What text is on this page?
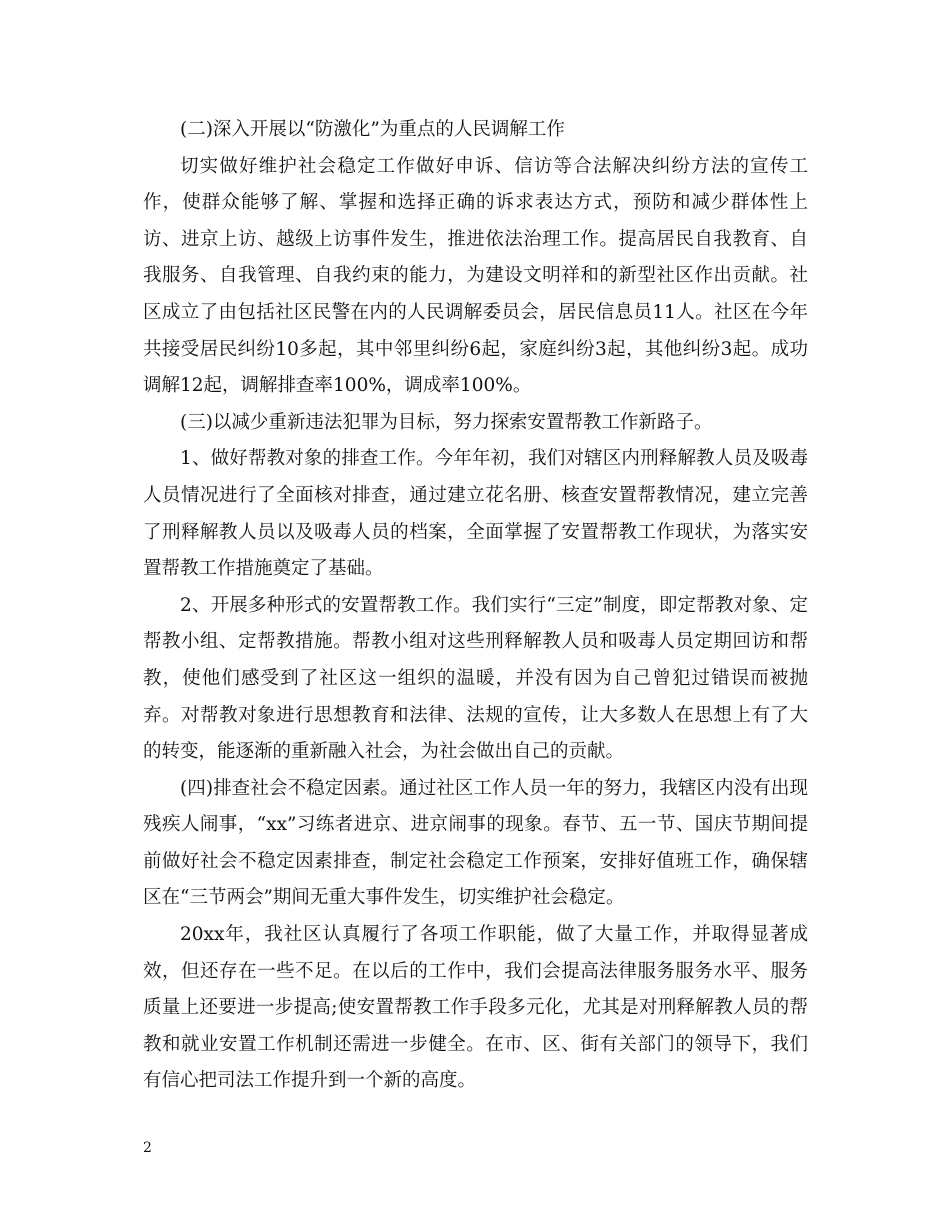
(二)深入开展以“防激化”为重点的人民调解工作

切实做好维护社会稳定工作做好申诉、信访等合法解决纠纷方法的宣传工作，使群众能够了解、掌握和选择正确的诉求表达方式，预防和减少群体性上访、进京上访、越级上访事件发生，推进依法治理工作。提高居民自我教育、自我服务、自我管理、自我约束的能力，为建设文明祥和的新型社区作出贡献。社区成立了由包括社区民警在内的人民调解委员会，居民信息员11人。社区在今年共接受居民纠纷10多起，其中邻里纠纷6起，家庭纠纷3起，其他纠纷3起。成功调解12起，调解排查率100%，调成率100%。

(三)以减少重新违法犯罪为目标，努力探索安置帮教工作新路子。

1、做好帮教对象的排查工作。今年年初，我们对辖区内刑释解教人员及吸毒人员情况进行了全面核对排查，通过建立花名册、核查安置帮教情况，建立完善了刑释解教人员以及吸毒人员的档案，全面掌握了安置帮教工作现状，为落实安置帮教工作措施奠定了基础。

2、开展多种形式的安置帮教工作。我们实行“三定”制度，即定帮教对象、定帮教小组、定帮教措施。帮教小组对这些刑释解教人员和吸毒人员定期回访和帮教，使他们感受到了社区这一组织的温暖，并没有因为自己曾犯过错误而被抛弃。对帮教对象进行思想教育和法律、法规的宣传，让大多数人在思想上有了大的转变，能逐渐的重新融入社会，为社会做出自己的贡献。

(四)排查社会不稳定因素。通过社区工作人员一年的努力，我辖区内没有出现残疾人闹事，“xx”习练者进京、进京闹事的现象。春节、五一节、国庆节期间提前做好社会不稳定因素排查，制定社会稳定工作预案，安排好值班工作，确保辖区在“三节两会”期间无重大事件发生，切实维护社会稳定。

20xx年，我社区认真履行了各项工作职能，做了大量工作，并取得显著成效，但还存在一些不足。在以后的工作中，我们会提高法律服务服务水平、服务质量上还要进一步提高;使安置帮教工作手段多元化，尤其是对刑释解教人员的帮教和就业安置工作机制还需进一步健全。在市、区、街有关部门的领导下，我们有信心把司法工作提升到一个新的高度。

2
